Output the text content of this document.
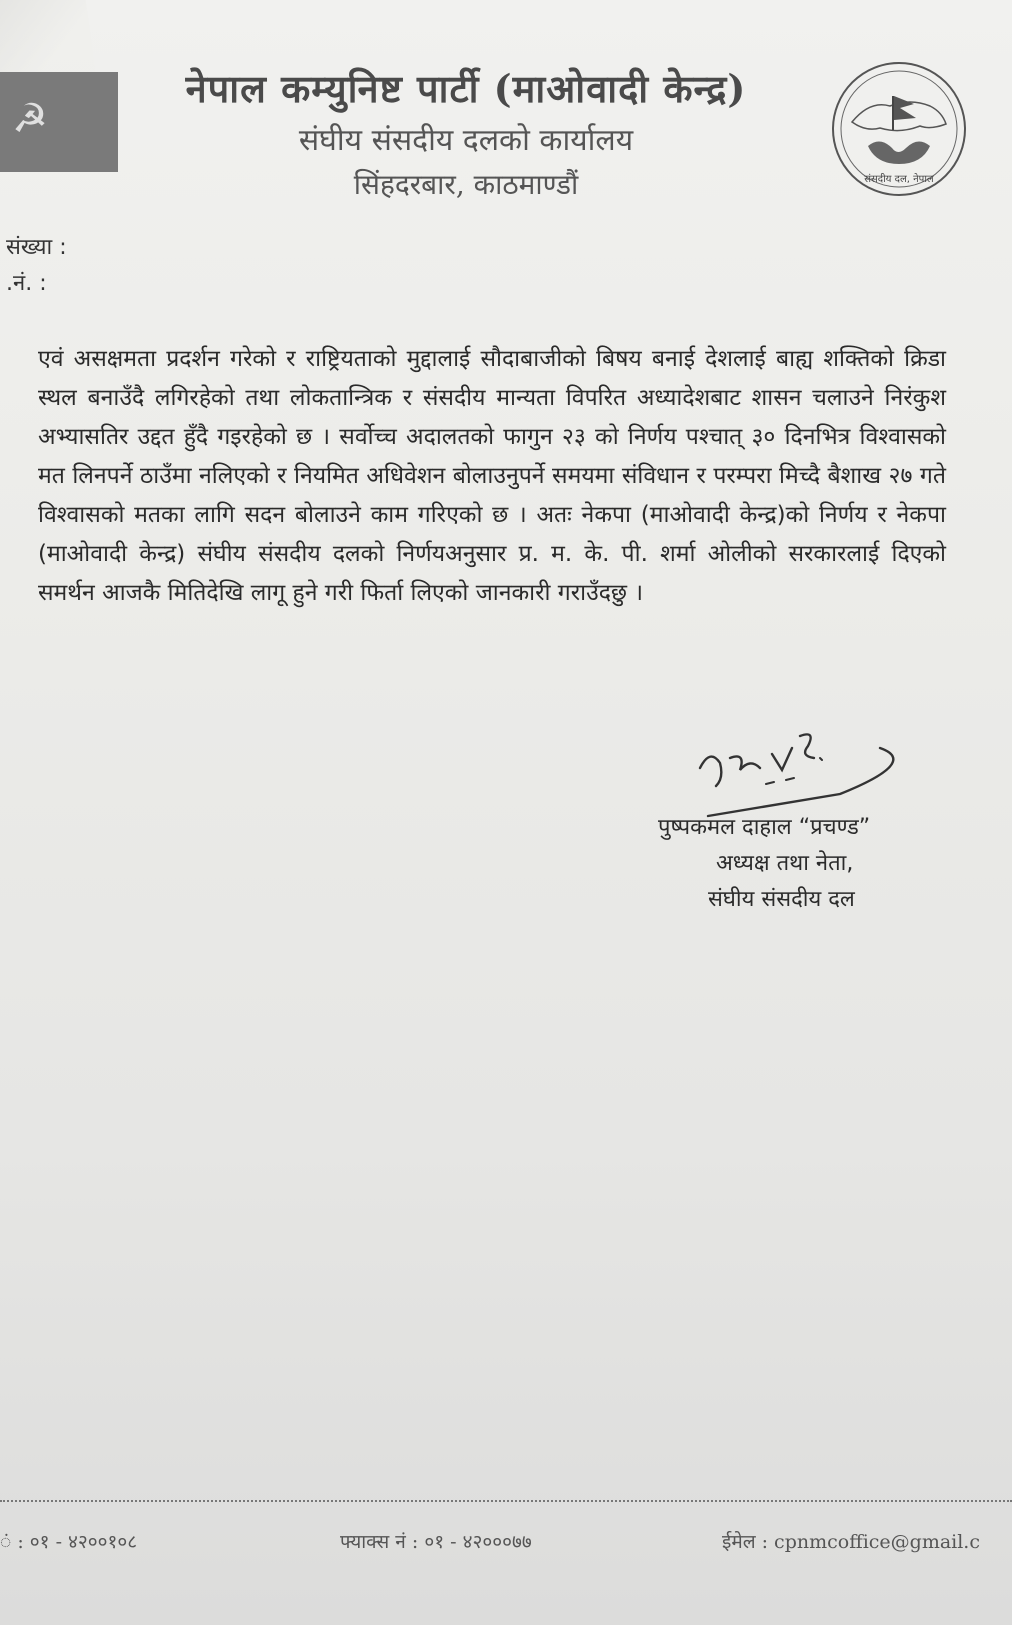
☭
नेपाल कम्युनिष्ट पार्टी (माओवादी केन्द्र)
संघीय संसदीय दलको कार्यालय
सिंहदरबार, काठमाण्डौं	संसदीय दल, नेपाल
संख्या :
.नं. :
एवं असक्षमता प्रदर्शन गरेको र राष्ट्रियताको मुद्दालाई सौदाबाजीको बिषय बनाई देशलाई बाह्य शक्तिको क्रिडा स्थल बनाउँदै लगिरहेको तथा लोकतान्त्रिक र संसदीय मान्यता विपरित अध्यादेशबाट शासन चलाउने निरंकुश अभ्यासतिर उद्दत हुँदै गइरहेको छ । सर्वोच्च अदालतको फागुन २३ को निर्णय पश्चात् ३० दिनभित्र विश्वासको मत लिनपर्ने ठाउँमा नलिएको र नियमित अधिवेशन बोलाउनुपर्ने समयमा संविधान र परम्परा मिच्दै बैशाख २७ गते विश्वासको मतका लागि सदन बोलाउने काम गरिएको छ । अतः नेकपा (माओवादी केन्द्र)को निर्णय र नेकपा (माओवादी केन्द्र) संघीय संसदीय दलको निर्णयअनुसार प्र. म. के. पी. शर्मा ओलीको सरकारलाई दिएको समर्थन आजकै मितिदेखि लागू हुने गरी फिर्ता लिएको जानकारी गराउँदछु ।
पुष्पकमल दाहाल “प्रचण्ड”
अध्यक्ष तथा नेता,
संघीय संसदीय दल
ं : ०१ - ४२००१०८	फ्याक्स नं : ०१ - ४२०००७७	ईमेल : cpnmcoffice@gmail.c
